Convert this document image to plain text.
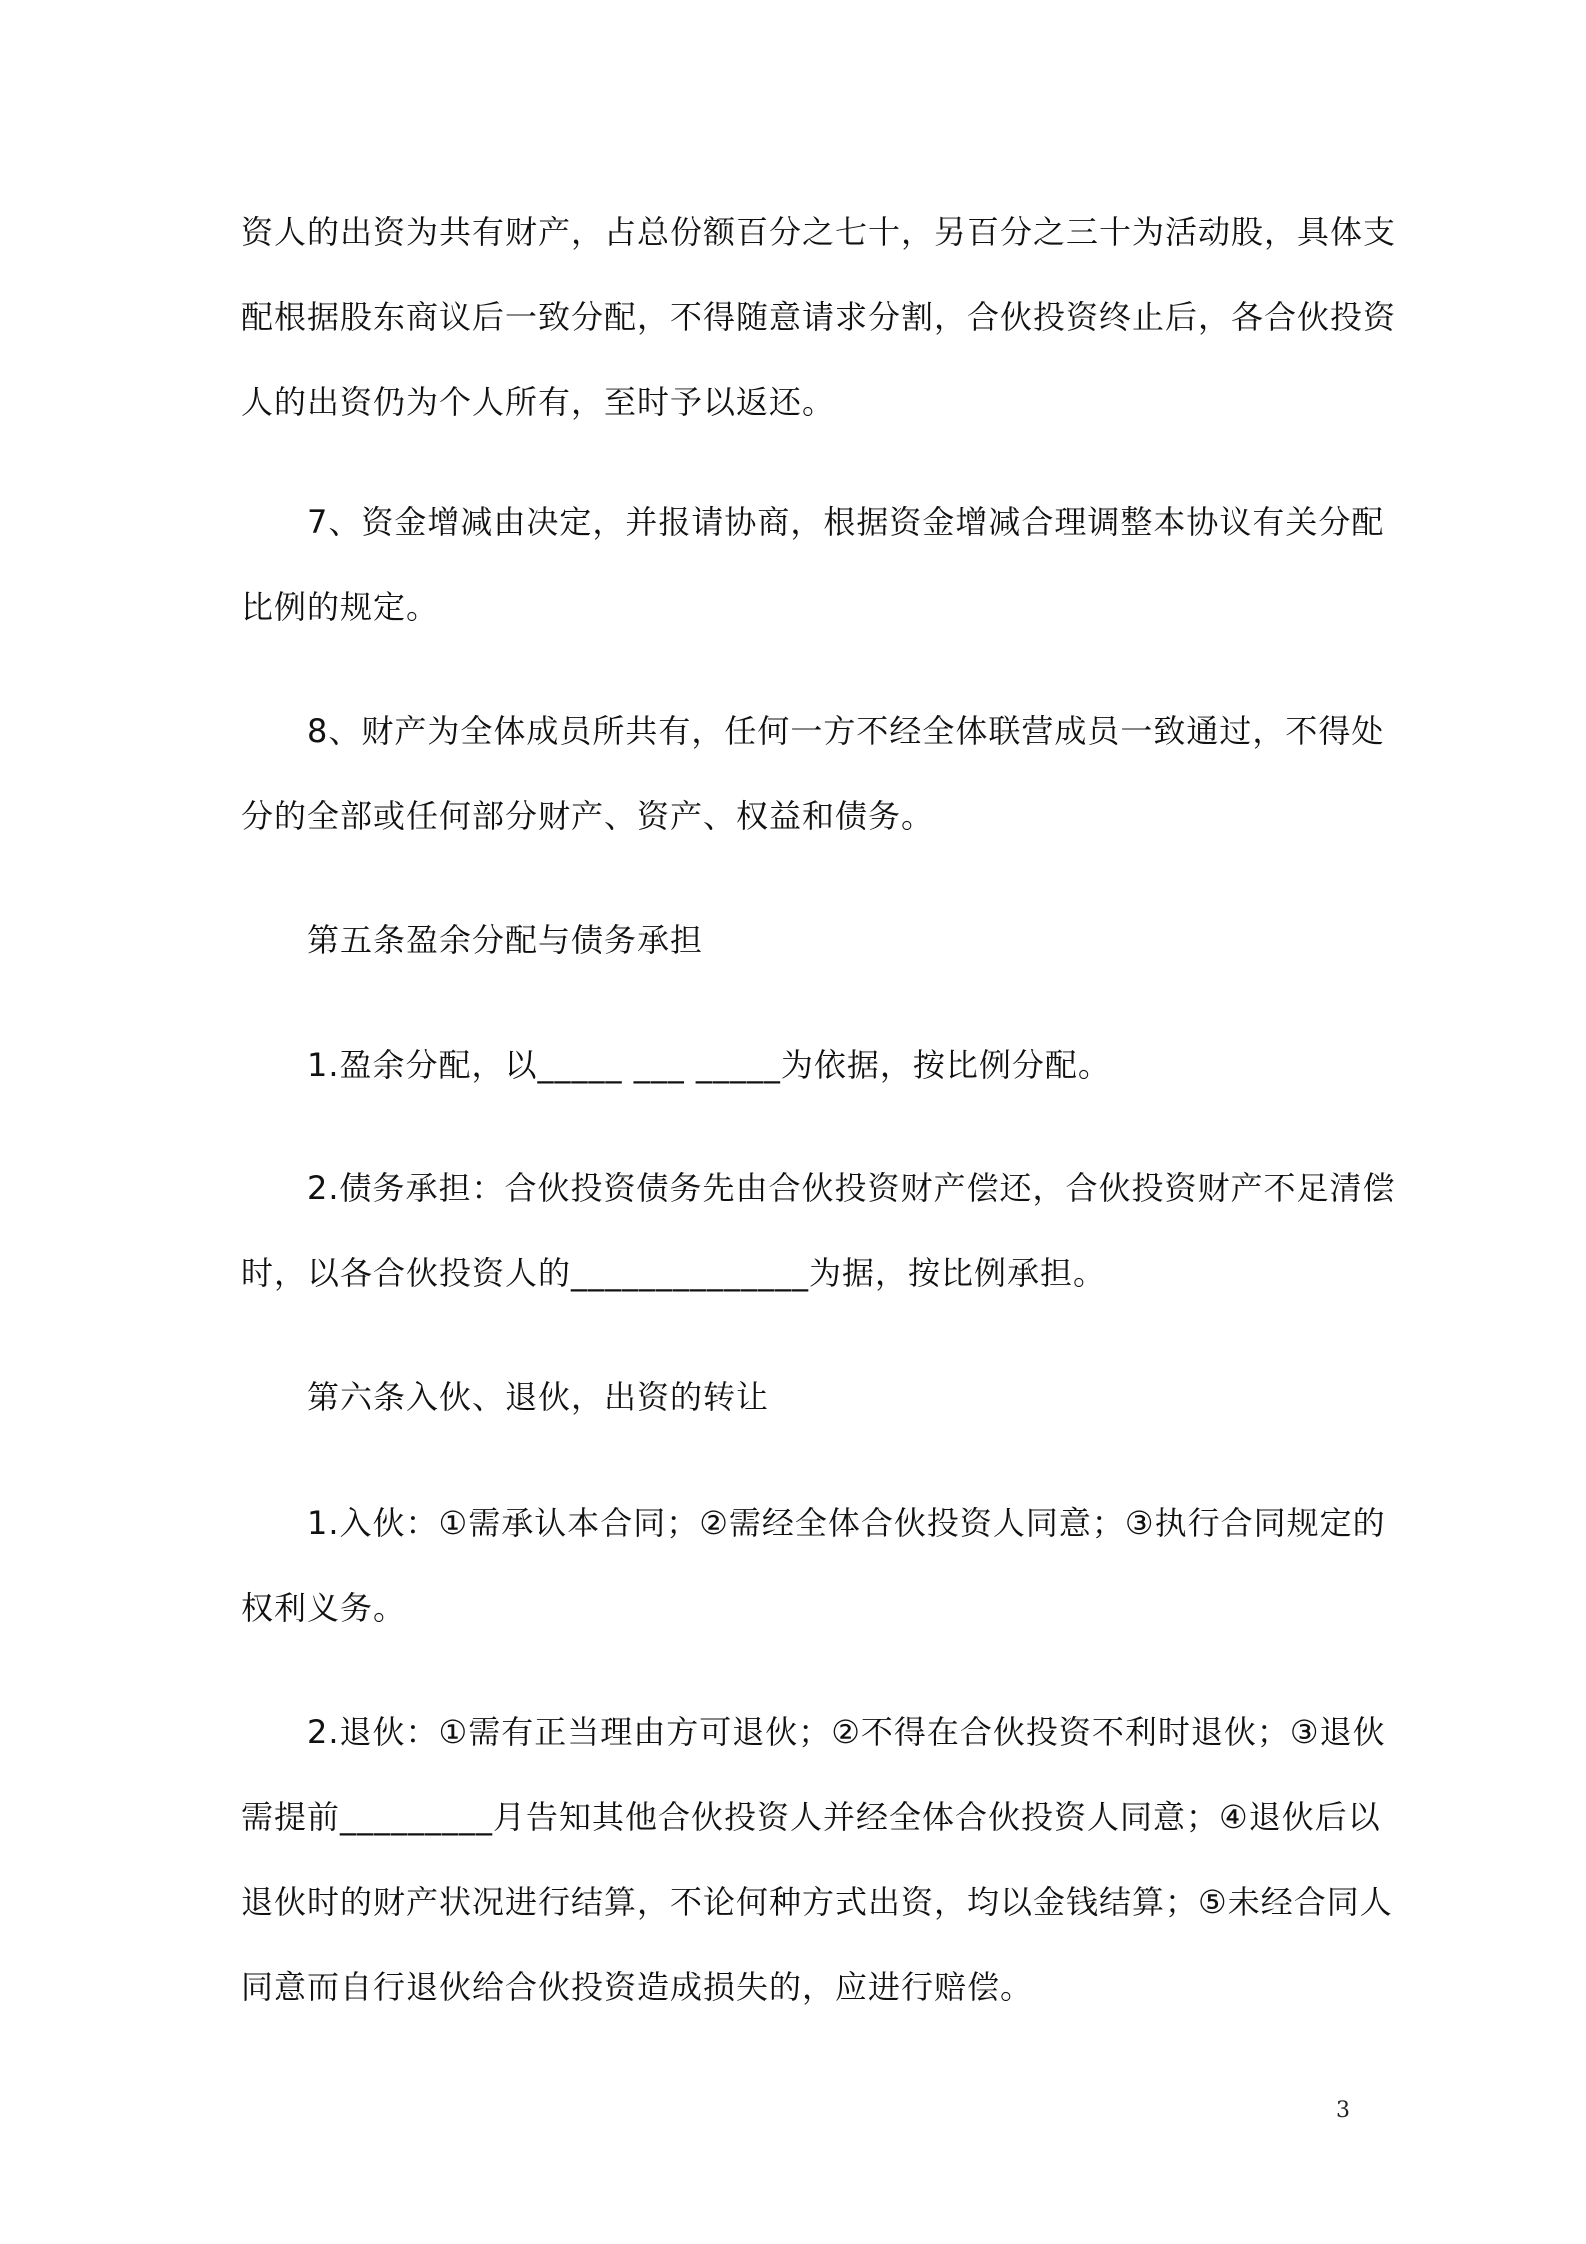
资人的出资为共有财产，占总份额百分之七十，另百分之三十为活动股，具体支
配根据股东商议后一致分配，不得随意请求分割，合伙投资终止后，各合伙投资
人的出资仍为个人所有，至时予以返还。
7、资金增减由决定，并报请协商，根据资金增减合理调整本协议有关分配
比例的规定。
8、财产为全体成员所共有，任何一方不经全体联营成员一致通过，不得处
分的全部或任何部分财产、资产、权益和债务。
第五条盈余分配与债务承担
1.盈余分配，以_____ ___ _____为依据，按比例分配。
2.债务承担：合伙投资债务先由合伙投资财产偿还，合伙投资财产不足清偿
时，以各合伙投资人的______________为据，按比例承担。
第六条入伙、退伙，出资的转让
1.入伙：①需承认本合同；②需经全体合伙投资人同意；③执行合同规定的
权利义务。
2.退伙：①需有正当理由方可退伙；②不得在合伙投资不利时退伙；③退伙
需提前_________月告知其他合伙投资人并经全体合伙投资人同意；④退伙后以
退伙时的财产状况进行结算，不论何种方式出资，均以金钱结算；⑤未经合同人
同意而自行退伙给合伙投资造成损失的，应进行赔偿。
3
